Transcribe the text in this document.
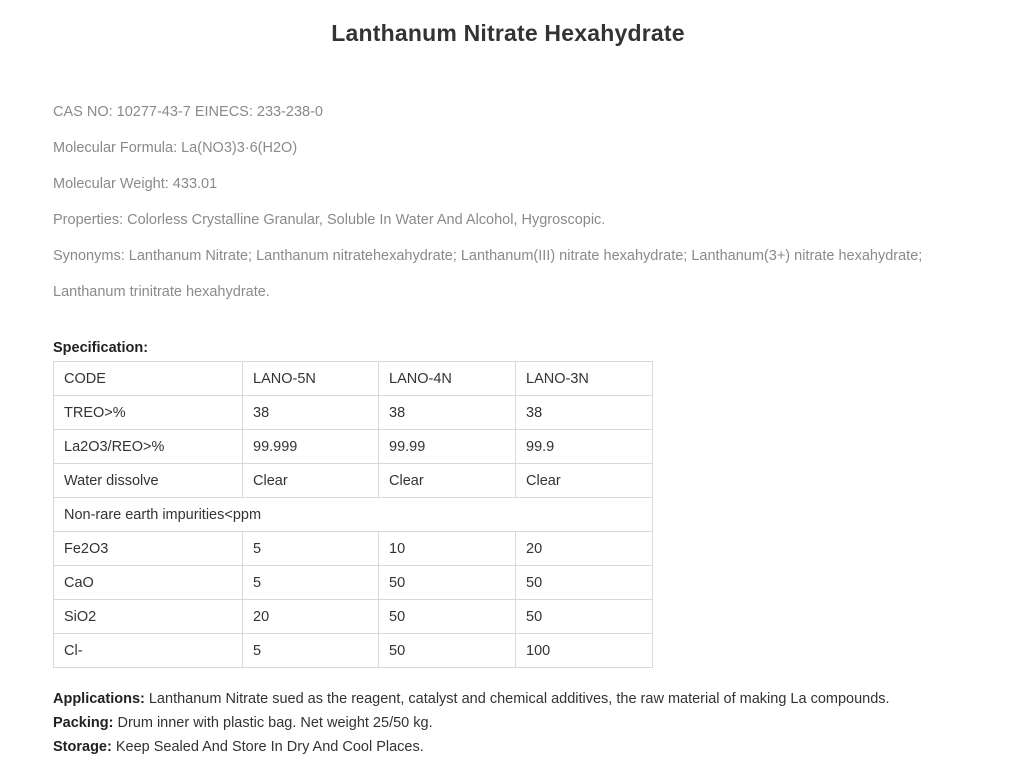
Lanthanum Nitrate Hexahydrate
CAS NO: 10277-43-7 EINECS: 233-238-0
Molecular Formula: La(NO3)3·6(H2O)
Molecular Weight: 433.01
Properties: Colorless Crystalline Granular, Soluble In Water And Alcohol, Hygroscopic.
Synonyms: Lanthanum Nitrate; Lanthanum nitratehexahydrate; Lanthanum(III) nitrate hexahydrate; Lanthanum(3+) nitrate hexahydrate;
Lanthanum trinitrate hexahydrate.
Specification:
CODE	LANO-5N	LANO-4N	LANO-3N
TREO>%	38	38	38
La2O3/REO>%	99.999	99.99	99.9
Water dissolve	Clear	Clear	Clear
Non-rare earth impurities<ppm			
Fe2O3	5	10	20
CaO	5	50	50
SiO2	20	50	50
Cl-	5	50	100
Applications: Lanthanum Nitrate sued as the reagent, catalyst and chemical additives, the raw material of making La compounds.
Packing: Drum inner with plastic bag. Net weight 25/50 kg.
Storage: Keep Sealed And Store In Dry And Cool Places.
